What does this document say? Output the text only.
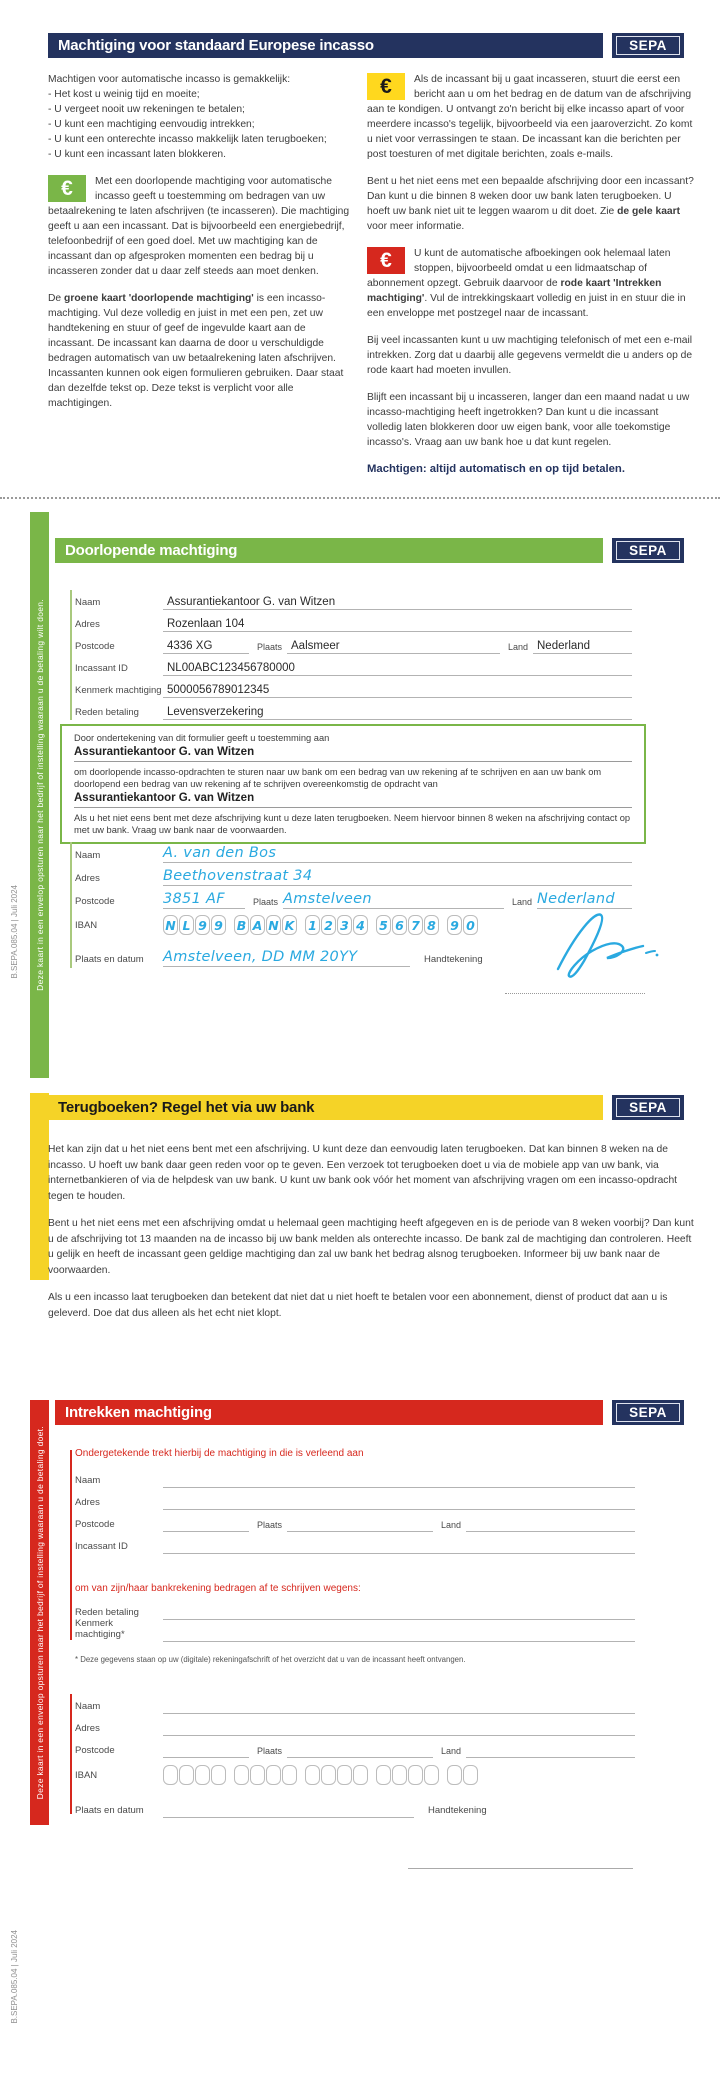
Machtiging voor standaard Europese incasso	SEPA
Machtigen voor automatische incasso is gemakkelijk:
- Het kost u weinig tijd en moeite;
- U vergeet nooit uw rekeningen te betalen;
- U kunt een machtiging eenvoudig intrekken;
- U kunt een onterechte incasso makkelijk laten terugboeken;
- U kunt een incassant laten blokkeren.

€	Met een doorlopende machtiging voor automatische incasso geeft u toestemming om bedragen van uw betaalrekening te laten afschrijven (te incasseren). Die machtiging geeft u aan een incassant. Dat is bijvoorbeeld een energiebedrijf, telefoonbedrijf of een goed doel. Met uw machtiging kan de incassant dan op afgesproken momenten een bedrag bij u incasseren zonder dat u daar zelf steeds aan moet denken.

De groene kaart 'doorlopende machtiging' is een incasso-machtiging. Vul deze volledig en juist in met een pen, zet uw handtekening en stuur of geef de ingevulde kaart aan de incassant. De incassant kan daarna de door u verschuldigde bedragen automatisch van uw betaalrekening laten afschrijven. Incassanten kunnen ook eigen formulieren gebruiken. Daar staat dan dezelfde tekst op. Deze tekst is verplicht voor alle machtigingen.

€	Als de incassant bij u gaat incasseren, stuurt die eerst een bericht aan u om het bedrag en de datum van de afschrijving aan te kondigen. U ontvangt zo'n bericht bij elke incasso apart of voor meerdere incasso's tegelijk, bijvoorbeeld via een jaaroverzicht. Zo komt u niet voor verrassingen te staan. De incassant kan die berichten per post toesturen of met digitale berichten, zoals e-mails.

Bent u het niet eens met een bepaalde afschrijving door een incassant? Dan kunt u die binnen 8 weken door uw bank laten terugboeken. U hoeft uw bank niet uit te leggen waarom u dit doet. Zie de gele kaart voor meer informatie.

€	U kunt de automatische afboekingen ook helemaal laten stoppen, bijvoorbeeld omdat u een lidmaatschap of abonnement opzegt. Gebruik daarvoor de rode kaart 'Intrekken machtiging'. Vul de intrekkingskaart volledig en juist in en stuur die in een enveloppe met postzegel naar de incassant.

Bij veel incassanten kunt u uw machtiging telefonisch of met een e-mail intrekken. Zorg dat u daarbij alle gegevens vermeldt die u anders op de rode kaart had moeten invullen.

Blijft een incassant bij u incasseren, langer dan een maand nadat u uw incasso-machtiging heeft ingetrokken? Dan kunt u die incassant volledig laten blokkeren door uw eigen bank, voor alle toekomstige incasso's. Vraag aan uw bank hoe u dat kunt regelen.

Machtigen: altijd automatisch en op tijd betalen.
Deze kaart in een envelop opsturen naar het bedrijf of instelling waaraan u de betaling wilt doen.
B.SEPA.085.04 | Juli 2024
Doorlopende machtiging	SEPA
Naam	Assurantiekantoor G. van Witzen
Adres	Rozenlaan 104
Postcode	4336 XG	Plaats Aalsmeer	Land Nederland
Incassant ID	NL00ABC123456780000
Kenmerk machtiging 5000056789012345
Reden betaling	Levensverzekering
Door ondertekening van dit formulier geeft u toestemming aan
Assurantiekantoor G. van Witzen
om doorlopende incasso-opdrachten te sturen naar uw bank om een bedrag van uw rekening af te schrijven en aan uw bank om doorlopend een bedrag van uw rekening af te schrijven overeenkomstig de opdracht van
Assurantiekantoor G. van Witzen
Als u het niet eens bent met deze afschrijving kunt u deze laten terugboeken. Neem hiervoor binnen 8 weken na afschrijving contact op met uw bank. Vraag uw bank naar de voorwaarden.
Naam	A. van den Bos
Adres	Beethovenstraat 34
Postcode	3851 AF	Plaats Amstelveen	Land Nederland
IBAN	N L 9 9 B A N K 1 2 3 4 5 6 7 8 9 0
Plaats en datum	Amstelveen, DD MM 20YY	Handtekening
Terugboeken? Regel het via uw bank	SEPA

Het kan zijn dat u het niet eens bent met een afschrijving. U kunt deze dan eenvoudig laten terugboeken. Dat kan binnen 8 weken na de incasso. U hoeft uw bank daar geen reden voor op te geven. Een verzoek tot terugboeken doet u via de mobiele app van uw bank, via internetbankieren of via de helpdesk van uw bank. U kunt uw bank ook vóór het moment van afschrijving vragen om een incasso-opdracht tegen te houden.

Bent u het niet eens met een afschrijving omdat u helemaal geen machtiging heeft afgegeven en is de periode van 8 weken voorbij? Dan kunt u de afschrijving tot 13 maanden na de incasso bij uw bank melden als onterechte incasso. De bank zal de machtiging dan controleren. Heeft u gelijk en heeft de incassant geen geldige machtiging dan zal uw bank het bedrag alsnog terugboeken. Informeer bij uw bank naar de voorwaarden.

Als u een incasso laat terugboeken dan betekent dat niet dat u niet hoeft te betalen voor een abonnement, dienst of product dat aan u is geleverd. Doe dat dus alleen als het echt niet klopt.

Deze kaart in een envelop opsturen naar het bedrijf of instelling waaraan u de betaling doet.
B.SEPA.085.04 | Juli 2024
Intrekken machtiging	SEPA
Ondergetekende trekt hierbij de machtiging in die is verleend aan
Naam
Adres
Postcode	Plaats	Land
Incassant ID
om van zijn/haar bankrekening bedragen af te schrijven wegens:
Reden betaling
Kenmerk machtiging*
* Deze gegevens staan op uw (digitale) rekeningafschrift of het overzicht dat u van de incassant heeft ontvangen.
Naam
Adres
Postcode	Plaats	Land
IBAN
Plaats en datum	Handtekening
